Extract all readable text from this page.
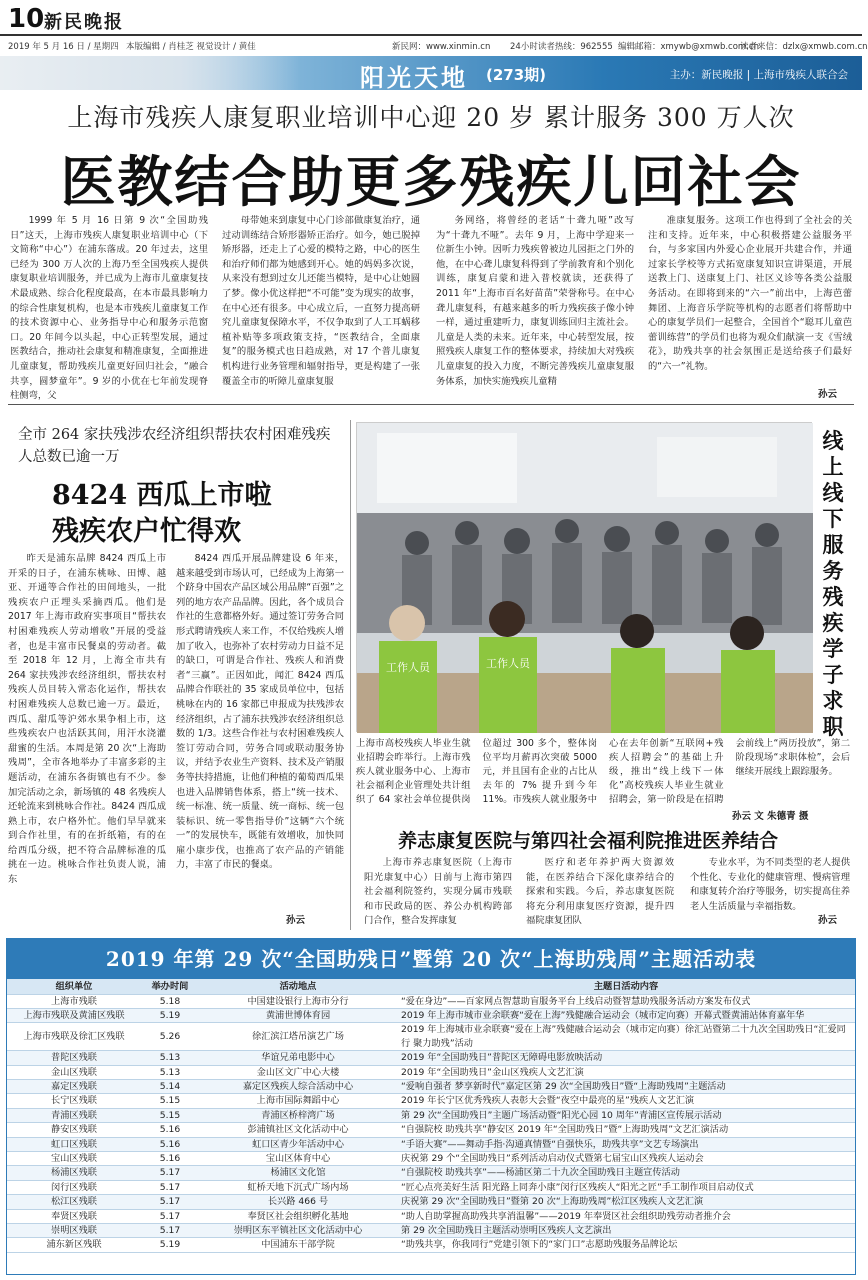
10 新民晚报
2019 年 5 月 16 日 / 星期四 本版编辑 / 肖桂芝 视觉设计 / 黄佳	新民网：www.xinmin.cn 24小时读者热线：962555 编辑邮箱：xmywb@xmwb.com.cn
读者来信：dzlx@xmwb.com.cn
阳光天地 (273期)	主办：新民晚报 | 上海市残疾人联合会
上海市残疾人康复职业培训中心迎 20 岁 累计服务 300 万人次
医教结合助更多残疾儿回社会

1999 年 5 月 16 日第 9 次“全国助残日”这天，上海市残疾人康复职业培训中心（下文简称“中心”）在浦东落成。20 年过去，这里已经为 300 万人次的上海乃至全国残疾人提供康复职业培训服务，并已成为上海市儿童康复技术最成熟、综合化程度最高，在本市最具影响力的综合性康复机构，也是本市残疾儿童康复工作的技术资源中心、业务指导中心和服务示范窗口。20 年间今以头起，中心正转型发展，通过医教结合，推动社会康复和精准康复，全面推进儿童康复，帮助残疾儿童更好回归社会，“融合共享，圆梦童年”。9 岁的小优在七年前发现脊柱侧弯，父

母带她来到康复中心门诊部做康复治疗，通过动训练结合矫形器矫正治疗。如今，她已脱掉矫形器，还走上了心爱的模特之路，中心的医生和治疗师们都为她感到开心。她的妈妈多次说，从来没有想到过女儿还能当模特，是中心让她圆了梦。像小优这样把“不可能”变为现实的故事，在中心还有很多。中心成立后，一直努力提高研究儿童康复保障水平，不仅争取到了人工耳蜗移植补贴等多项政策支持，“医教结合，全面康复”的服务模式也日趋成熟，对 17 个普儿康复机构进行业务管理和辐射指导，更是构建了一张覆盖全市的听障儿童康复服

务网络，将曾经的老话“十聋九哑”改写为“十聋九不哑”。去年 9 月，上海中学迎来一位新生小钟。因听力残疾曾被边儿园拒之门外的他，在中心聋儿康复科得到了学前教育和个别化训练，康复启蒙和进入普校就读，还获得了 2011 年“上海市百名好苗苗”荣誉称号。在中心聋儿康复科，有越来越多的听力残疾孩子像小钟一样，通过重建听力，康复训练回归主流社会。儿童是人类的未来。近年来，中心转型发展，按照残疾人康复工作的整体要求，持续加大对残疾儿童康复的投入力度，不断完善残疾儿童康复服务体系，加快实施残疾儿童精

准康复服务。这项工作也得到了全社会的关注和支持。近年来，中心积极搭建公益服务平台，与多家国内外爱心企业展开共建合作，并通过家长学校等方式拓宽康复知识宣讲渠道，开展送教上门、送康复上门、社区义诊等各类公益服务活动。在即将到来的“六一”前出中，上海芭蕾舞团、上海音乐学院等机构的志愿者们将帮助中心的康复学员们一起整合，全国首个“聪耳儿童芭蕾训练营”的学员们也将为观众们献演一支《雪绒花》，助残共享的社会氛围正是送给孩子们最好的“六一”礼物。

孙云
全市 264 家扶残涉农经济组织帮扶农村困难残疾人总数已逾一万
8424 西瓜上市啦
残疾农户忙得欢

昨天是浦东品牌 8424 西瓜上市开采的日子，在浦东桃咏、田博、越亚、开通等合作社的田间地头，一批残疾农户正埋头采摘西瓜。他们是 2017 年上海市政府实事项目“帮扶农村困难残疾人劳动增收”开展的受益者，也是丰富市民餐桌的劳动者。截至 2018 年 12 月，上海全市共有 264 家扶残涉农经济组织，帮扶农村残疾人员目转入常态化运作，帮扶农村困难残疾人总数已逾一万。最近，西瓜、甜瓜等沪郊水果争相上市，这些残疾农户也活跃其间，用汗水浇灌甜蜜的生活。本周是第 20 次“上海助残周”，全市各地举办了丰富多彩的主题活动，在浦东各街镇也有不少。参加完活动之余，新场镇的 48 名残疾人还轮流来到桃咏合作社。8424 西瓜成熟上市，农户格外忙。他们早早就来到合作社里，有的在折纸箱，有的在给西瓜分级，把不符合品牌标准的瓜挑在一边。桃咏合作社负责人说，浦东

8424 西瓜开展品牌建设 6 年来，越来越受到市场认可，已经成为上海第一个跻身中国农产品区域公用品牌“百强”之列的地方农产品品牌。因此，各个成员合作社的生意都格外好。通过签订劳务合同形式聘请残疾人来工作，不仅给残疾人增加了收入，也弥补了农村劳动力日益不足的缺口，可谓是合作社、残疾人和消费者“三赢”。正因如此，闻汇 8424 西瓜品牌合作联社的 35 家成员单位中，包括桃咏在内的 16 家都已申报成为扶残涉农经济组织，占了浦东扶残涉农经济组织总数的 1/3。这些合作社与农村困难残疾人签订劳动合同，劳务合同或联动服务协议，并结予农业生产资料、技术及产销服务等扶持措施，让他们种植的葡萄西瓜果也进入品牌销售体系，搭上“统一技术、统一标准、统一质量、统一商标、统一包装标识、统一零售指导价”这辆“六个统一”的发展快车，既能有效增收，加快同雇小康步伐，也推高了农产品的产销能力，丰富了市民的餐桌。

孙云
工作人员	工作人员
线上线下服务残疾学子求职
上海市高校残疾人毕业生就业招聘会昨举行。上海市残疾人就业服务中心、上海市社会福利企业管理处共计组织了 64 家社会单位提供岗位超过 300 多个，整体岗位平均月薪再次突破 5000 元，并且国有企业的占比从去年的 7% 提升到今年 11%。市残疾人就业服务中心在去年创新“互联网+残疾人招聘会”的基础上升级，推出“线上线下一体化”高校残疾人毕业生就业招聘会，第一阶段是在招聘会前线上“两历投放”，第二阶段现场“求职体检”，会后继续开展线上跟踪服务。
孙云 文 朱德青 摄
养志康复医院与第四社会福利院推进医养结合

上海市养志康复医院（上海市阳光康复中心）日前与上海市第四社会福利院签约，实现分属市残联和市民政局的医、养公办机构跨部门合作，整合发挥康复

医疗和老年养护两大资源效能，在医养结合下深化康养结合的探索和实践。今后，养志康复医院将充分利用康复医疗资源，提升四福院康复团队

专业水平，为不同类型的老人提供个性化、专业化的健康管理、慢病管理和康复转介治疗等服务，切实提高住养老人生活质量与幸福指数。

孙云
2019 年第 29 次“全国助残日”暨第 20 次“上海助残周”主题活动表
组织单位	举办时间	活动地点	主题日活动内容
上海市残联	5.18	中国建设银行上海市分行	“爱在身边”——百家网点智慧助盲服务平台上线启动暨智慧助残服务活动方案发布仪式
上海市残联及黄浦区残联	5.19	黄浦世博体育园	2019 年上海市城市业余联赛“爱在上海”残健融合运动会（城市定向赛）开幕式暨黄浦站体育嘉年华
上海市残联及徐汇区残联	5.26	徐汇滨江塔吊演艺广场	2019 年上海城市业余联赛“爱在上海”残健融合运动会（城市定向赛）徐汇站暨第二十九次全国助残日“汇爱同行 聚力助残”活动
普陀区残联	5.13	华谊兄弟电影中心	2019 年“全国助残日”普陀区无障碍电影放映活动
金山区残联	5.13	金山区文广中心大楼	2019 年“全国助残日”金山区残疾人文艺汇演
嘉定区残联	5.14	嘉定区残疾人综合活动中心	“爱响自强者 梦享新时代”嘉定区第 29 次“全国助残日”暨“上海助残周”主题活动
长宁区残联	5.15	上海市国际舞蹈中心	2019 年长宁区优秀残疾人表彰大会暨“夜空中最亮的星”残疾人文艺汇演
青浦区残联	5.15	青浦区桥梓湾广场	第 29 次“全国助残日”主题广场活动暨“阳光心园 10 周年”青浦区宣传展示活动
静安区残联	5.16	彭浦镇社区文化活动中心	“自强院校 助残共享”静安区 2019 年“全国助残日”暨“上海助残周”文艺汇演活动
虹口区残联	5.16	虹口区青少年活动中心	“手语大赛”——舞动手指·沟通真情暨“自强快乐，助残共享”文艺专场演出
宝山区残联	5.16	宝山区体育中心	庆祝第 29 个“全国助残日”系列活动启动仪式暨第七届宝山区残疾人运动会
杨浦区残联	5.17	杨浦区文化馆	“自强院校 助残共享”——杨浦区第二十九次全国助残日主题宣传活动
闵行区残联	5.17	虹桥天地下沉式广场内场	“匠心点亮美好生活 阳光路上同奔小康”闵行区残疾人“阳光之匠”手工制作项目启动仪式
松江区残联	5.17	长兴路 466 号	庆祝第 29 次“全国助残日”暨第 20 次“上海助残周”松江区残疾人文艺汇演
奉贤区残联	5.17	奉贤区社会组织孵化基地	“助人自助掌握高助残共享消温馨”——2019 年奉贤区社会组织助残劳动者推介会
崇明区残联	5.17	崇明区东平镇社区文化活动中心	第 29 次全国助残日主题活动崇明区残疾人文艺演出
浦东新区残联	5.19	中国浦东干部学院	“助残共享，你我同行”党建引领下的“家门口”志愿助残服务品牌论坛
